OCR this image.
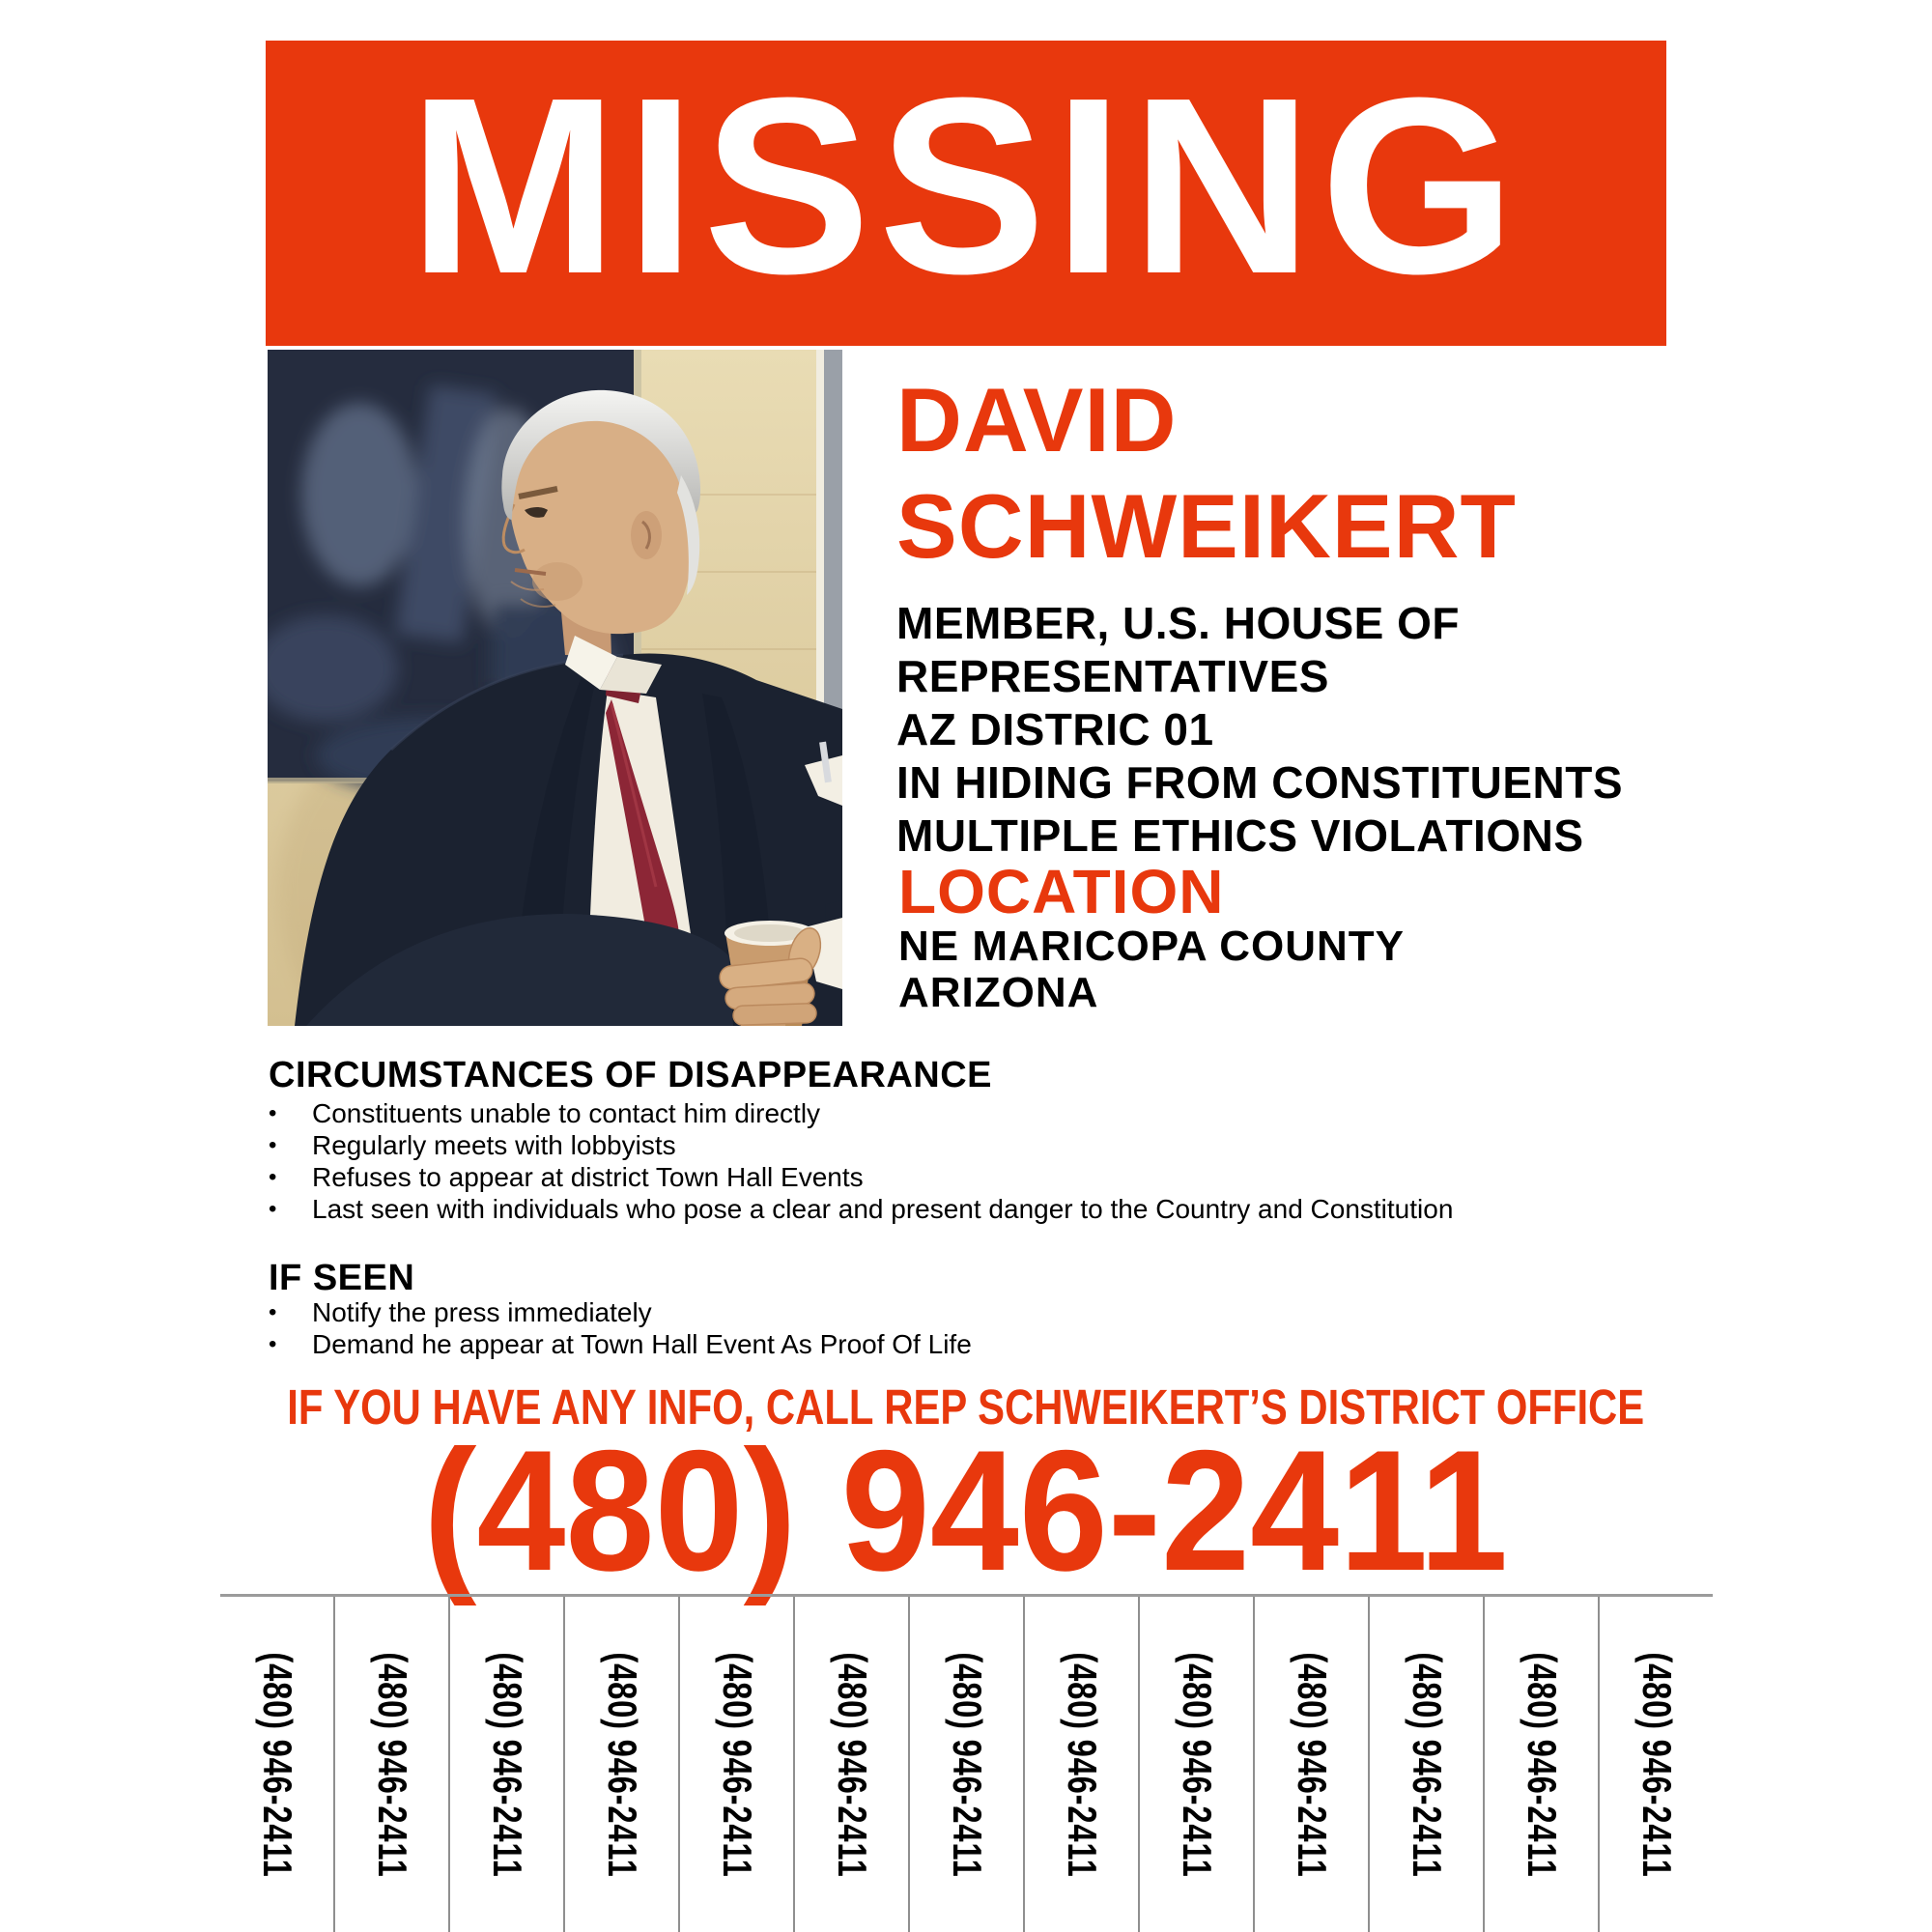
MISSING
DAVID
SCHWEIKERT
MEMBER, U.S. HOUSE OF
REPRESENTATIVES
AZ DISTRIC 01
IN HIDING FROM CONSTITUENTS
MULTIPLE ETHICS VIOLATIONS
LOCATION
NE MARICOPA COUNTY
ARIZONA
CIRCUMSTANCES OF DISAPPEARANCE
•	Constituents unable to contact him directly
•	Regularly meets with lobbyists
•	Refuses to appear at district Town Hall Events
•	Last seen with individuals who pose a clear and present danger to the Country and Constitution
IF SEEN
•	Notify the press immediately
•	Demand he appear at Town Hall Event As Proof Of Life
IF YOU HAVE ANY INFO, CALL REP SCHWEIKERT’S DISTRICT OFFICE
(480) 946-2411
(480) 946-2411 (480) 946-2411 (480) 946-2411 (480) 946-2411 (480) 946-2411 (480) 946-2411 (480) 946-2411 (480) 946-2411 (480) 946-2411 (480) 946-2411 (480) 946-2411 (480) 946-2411 (480) 946-2411
